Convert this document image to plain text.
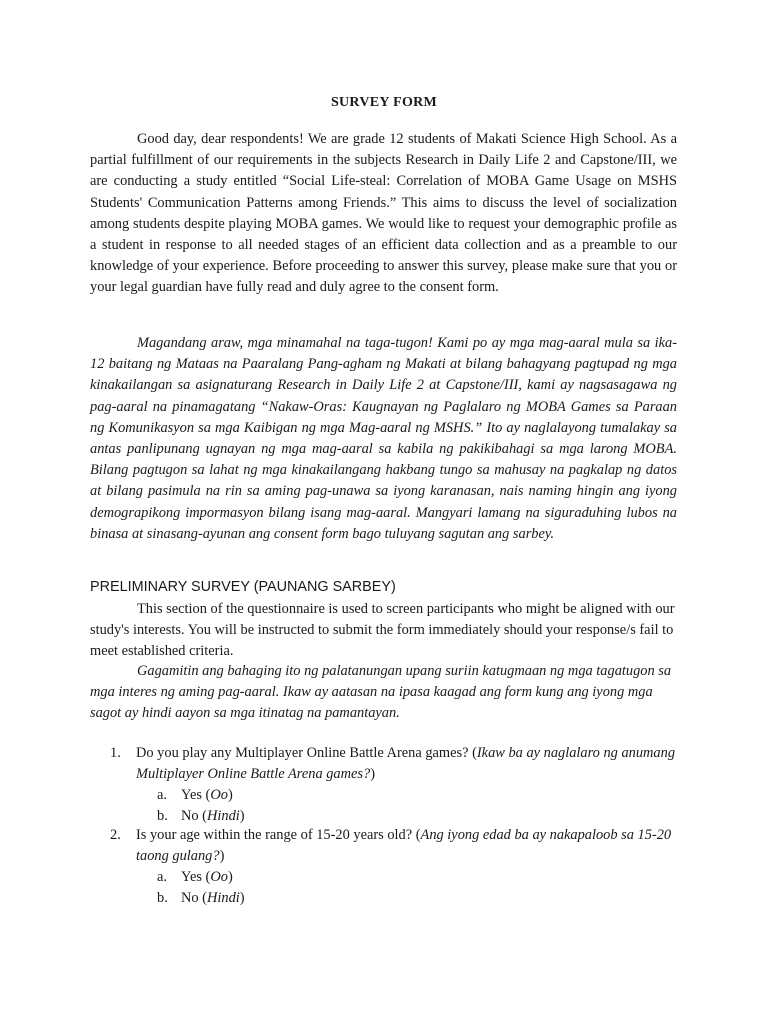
SURVEY FORM

Good day, dear respondents! We are grade 12 students of Makati Science High School. As a partial fulfillment of our requirements in the subjects Research in Daily Life 2 and Capstone/III, we are conducting a study entitled “Social Life-steal: Correlation of MOBA Game Usage on MSHS Students' Communication Patterns among Friends.” This aims to discuss the level of socialization among students despite playing MOBA games. We would like to request your demographic profile as a student in response to all needed stages of an efficient data collection and as a preamble to our knowledge of your experience. Before proceeding to answer this survey, please make sure that you or your legal guardian have fully read and duly agree to the consent form.

Magandang araw, mga minamahal na taga-tugon! Kami po ay mga mag-aaral mula sa ika-12 baitang ng Mataas na Paaralang Pang-agham ng Makati at bilang bahagyang pagtupad ng mga kinakailangan sa asignaturang Research in Daily Life 2 at Capstone/III, kami ay nagsasagawa ng pag-aaral na pinamagatang “Nakaw-Oras: Kaugnayan ng Paglalaro ng MOBA Games sa Paraan ng Komunikasyon sa mga Kaibigan ng mga Mag-aaral ng MSHS.” Ito ay naglalayong tumalakay sa antas panlipunang ugnayan ng mga mag-aaral sa kabila ng pakikibahagi sa mga larong MOBA. Bilang pagtugon sa lahat ng mga kinakailangang hakbang tungo sa mahusay na pagkalap ng datos at bilang pasimula na rin sa aming pag-unawa sa iyong karanasan, nais naming hingin ang iyong demograpikong impormasyon bilang isang mag-aaral. Mangyari lamang na siguraduhing lubos na binasa at sinasang-ayunan ang consent form bago tuluyang sagutan ang sarbey.

PRELIMINARY SURVEY (PAUNANG SARBEY)

This section of the questionnaire is used to screen participants who might be aligned with our study's interests. You will be instructed to submit the form immediately should your response/s fail to meet established criteria.

Gagamitin ang bahaging ito ng palatanungan upang suriin katugmaan ng mga tagatugon sa mga interes ng aming pag-aaral. Ikaw ay aatasan na ipasa kaagad ang form kung ang iyong mga sagot ay hindi aayon sa mga itinatag na pamantayan.

1. Do you play any Multiplayer Online Battle Arena games? (Ikaw ba ay naglalaro ng anumang Multiplayer Online Battle Arena games?)
a. Yes (Oo)
b. No (Hindi)
2. Is your age within the range of 15-20 years old? (Ang iyong edad ba ay nakapaloob sa 15-20 taong gulang?)
a. Yes (Oo)
b. No (Hindi)
